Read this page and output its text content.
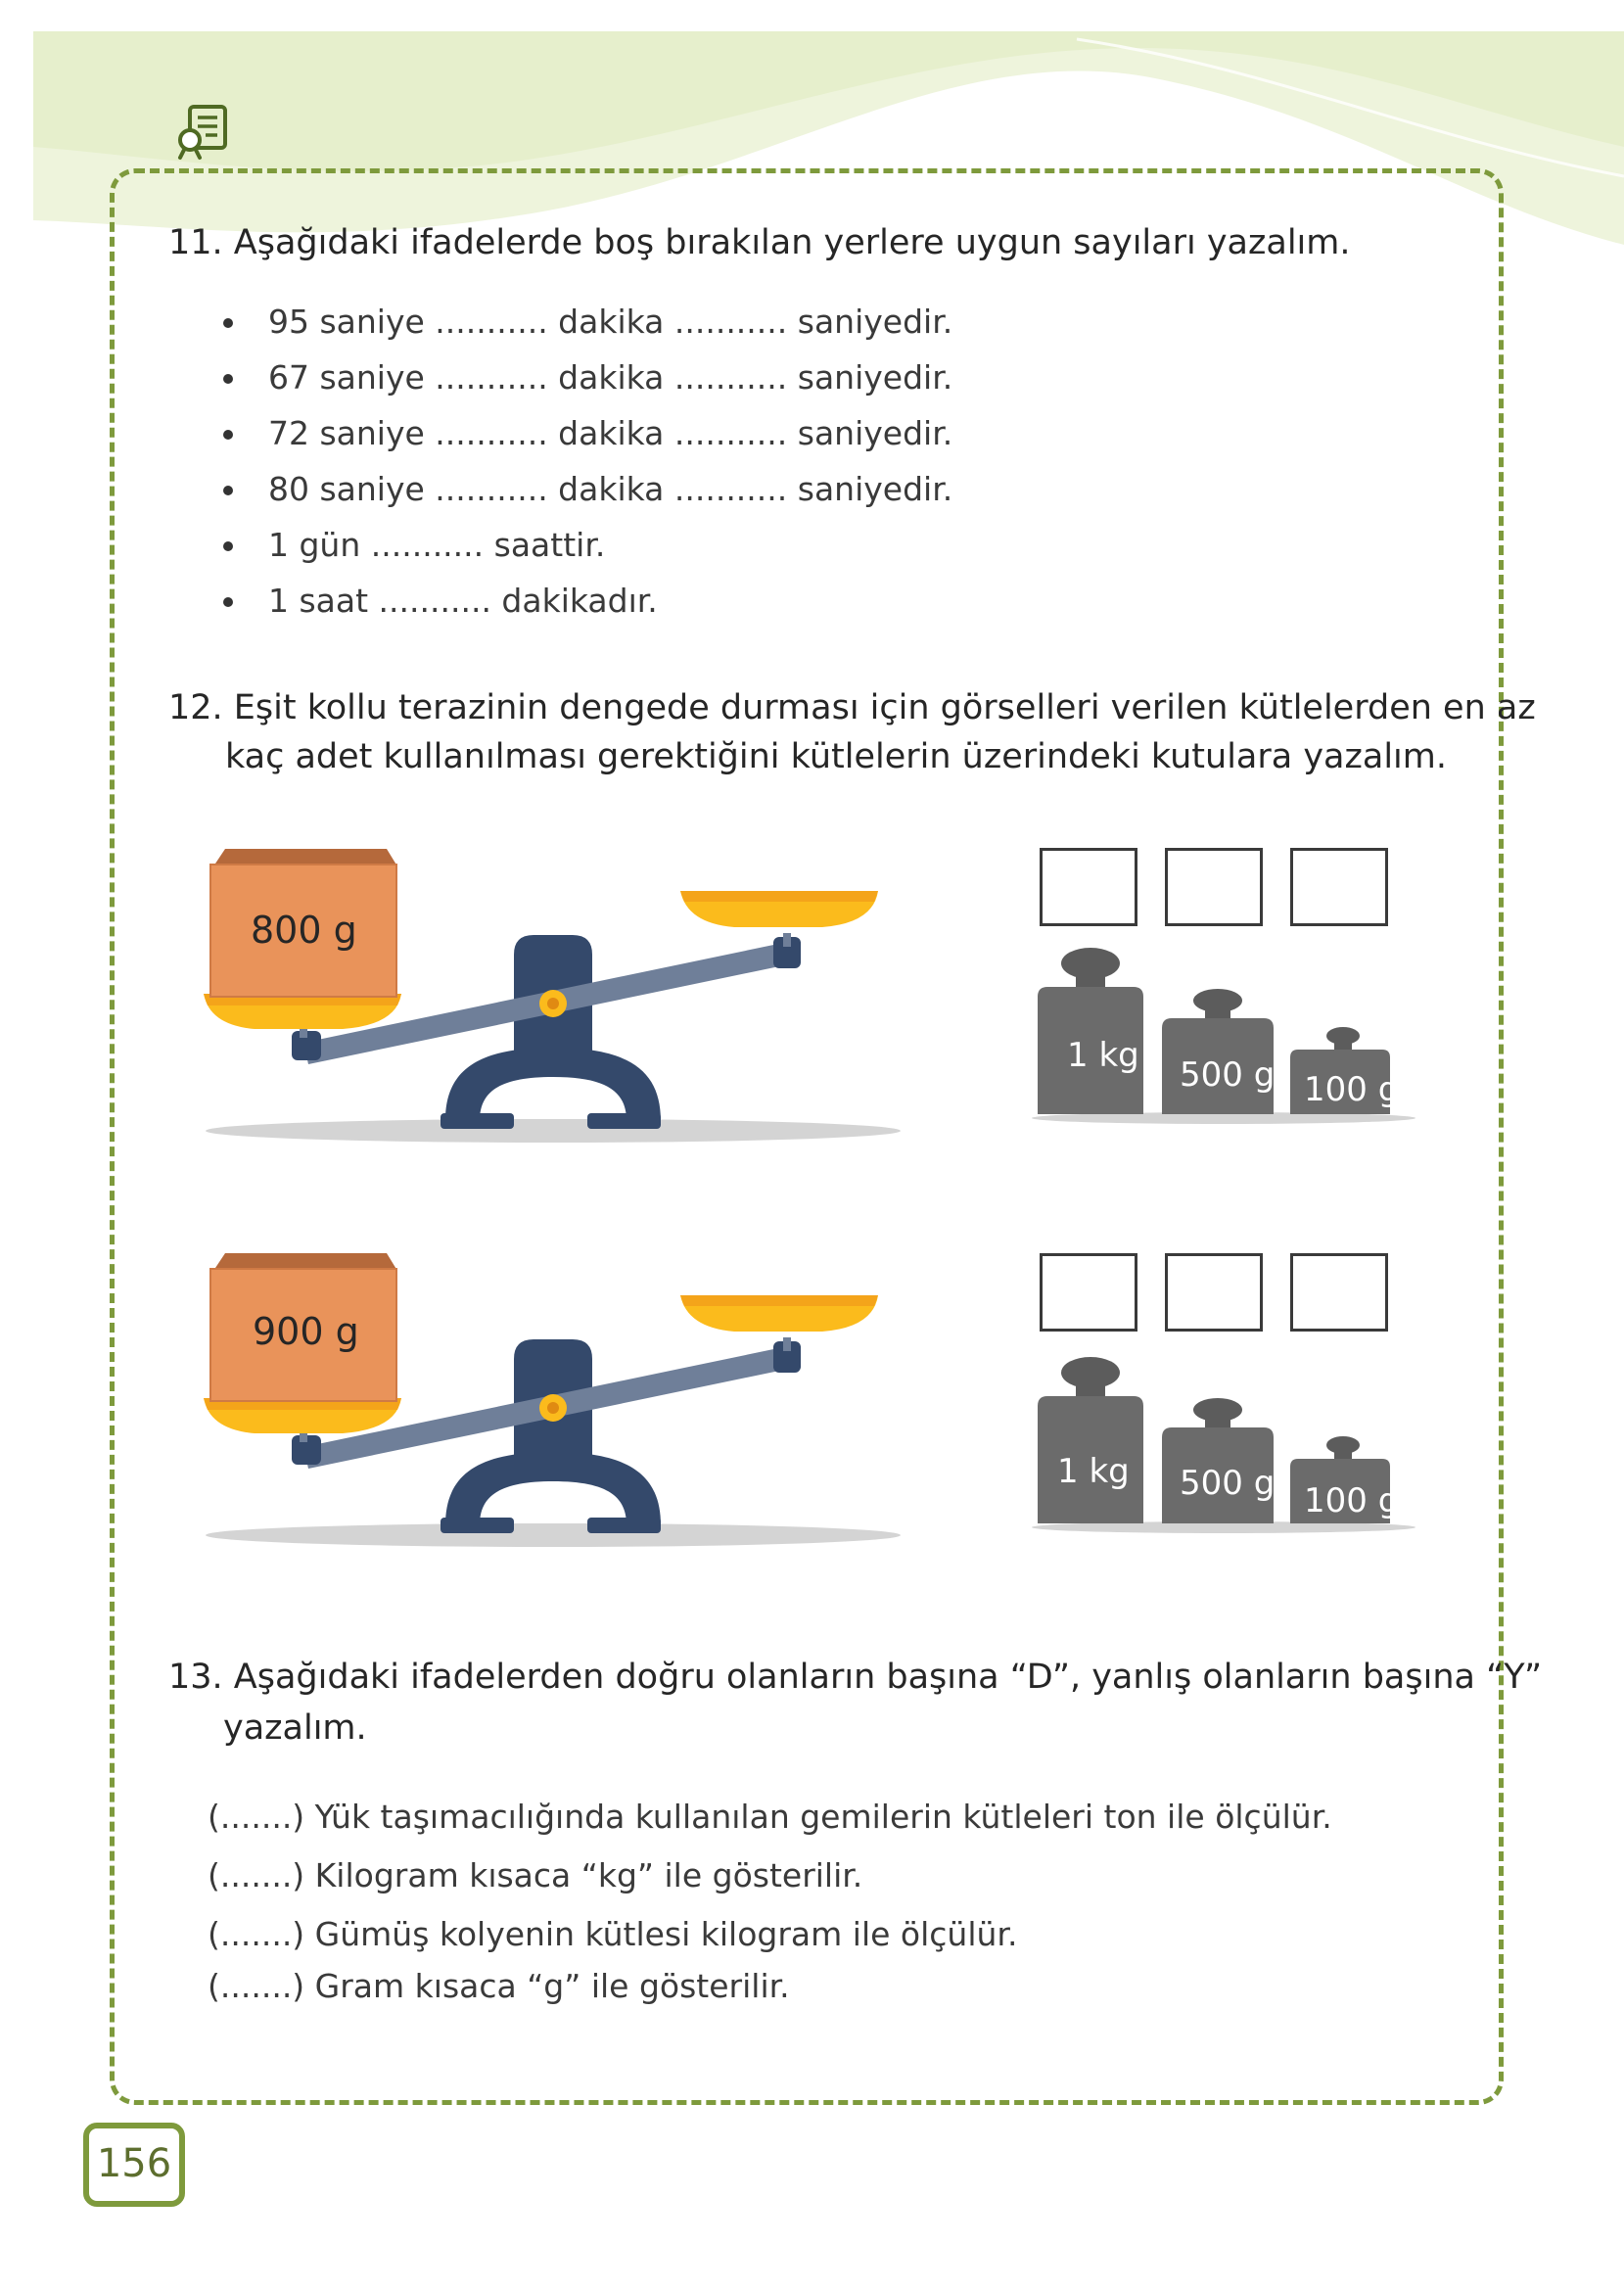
11. Aşağıdaki ifadelerde boş bırakılan yerlere uygun sayıları yazalım.
95 saniye ........... dakika ........... saniyedir.
67 saniye ........... dakika ........... saniyedir.
72 saniye ........... dakika ........... saniyedir.
80 saniye ........... dakika ........... saniyedir.
1 gün ........... saattir.
1 saat ........... dakikadır.
12. Eşit kollu terazinin dengede durması için görselleri verilen kütlelerden en az
kaç adet kullanılması gerektiğini kütlelerin üzerindeki kutulara yazalım.
800 g
900 g
1 kg 500 g 100 g
1 kg 500 g 100 g
13. Aşağıdaki ifadelerden doğru olanların başına “D”, yanlış olanların başına “Y”
yazalım.
(.......) Yük taşımacılığında kullanılan gemilerin kütleleri ton ile ölçülür.
(.......) Kilogram kısaca “kg” ile gösterilir.
(.......) Gümüş kolyenin kütlesi kilogram ile ölçülür.
(.......) Gram kısaca “g” ile gösterilir.
156
